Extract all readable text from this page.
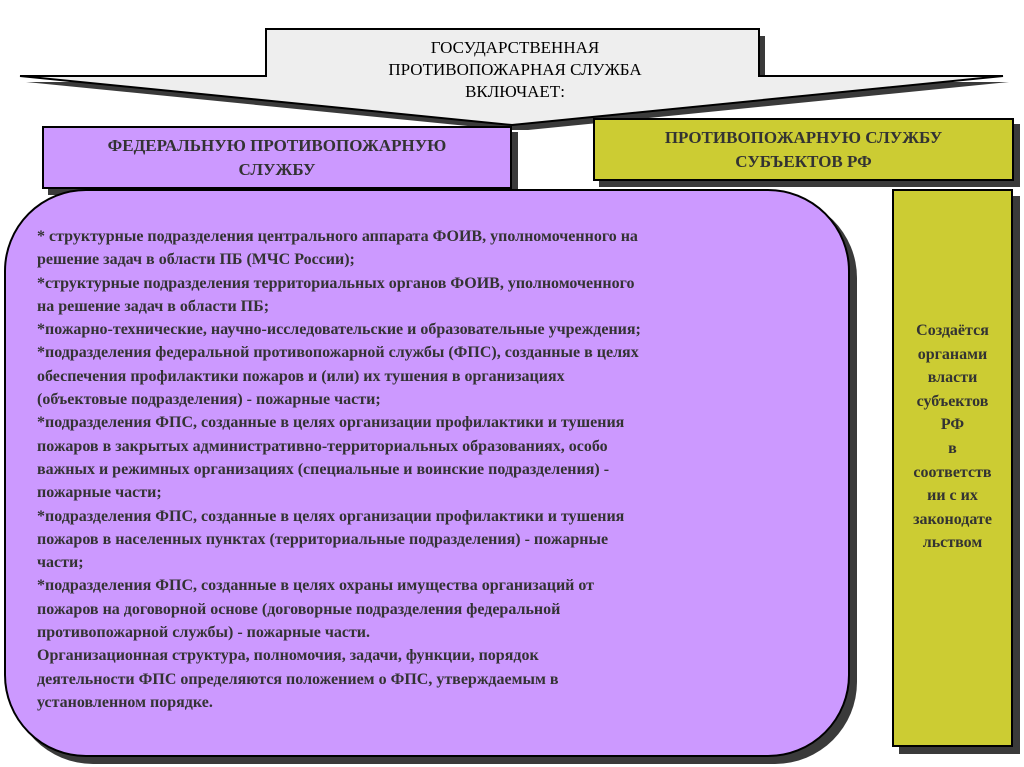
ГОСУДАРСТВЕННАЯ
ПРОТИВОПОЖАРНАЯ СЛУЖБА
ВКЛЮЧАЕТ:
ФЕДЕРАЛЬНУЮ ПРОТИВОПОЖАРНУЮ
СЛУЖБУ
ПРОТИВОПОЖАРНУЮ СЛУЖБУ
СУБЪЕКТОВ РФ
* структурные подразделения центрального аппарата ФОИВ, уполномоченного на
решение задач в области ПБ (МЧС России);
*структурные подразделения территориальных органов ФОИВ, уполномоченного
на решение задач в области ПБ;
*пожарно-технические, научно-исследовательские и образовательные учреждения;
*подразделения федеральной противопожарной службы (ФПС), созданные в целях
обеспечения профилактики пожаров и (или) их тушения в организациях
(объектовые подразделения) - пожарные части;
*подразделения ФПС, созданные в целях организации профилактики и тушения
пожаров в закрытых административно-территориальных образованиях, особо
важных и режимных организациях (специальные и воинские подразделения) -
пожарные части;
*подразделения ФПС, созданные в целях организации профилактики и тушения
пожаров в населенных пунктах (территориальные подразделения) - пожарные
части;
*подразделения ФПС, созданные в целях охраны имущества организаций от
пожаров на договорной основе (договорные подразделения федеральной
противопожарной службы) - пожарные части.
Организационная структура, полномочия, задачи, функции, порядок
деятельности ФПС определяются положением о ФПС, утверждаемым в
установленном порядке.
Создаётся
органами
власти
субъектов
РФ
в
соответств
ии с их
законодате
льством
